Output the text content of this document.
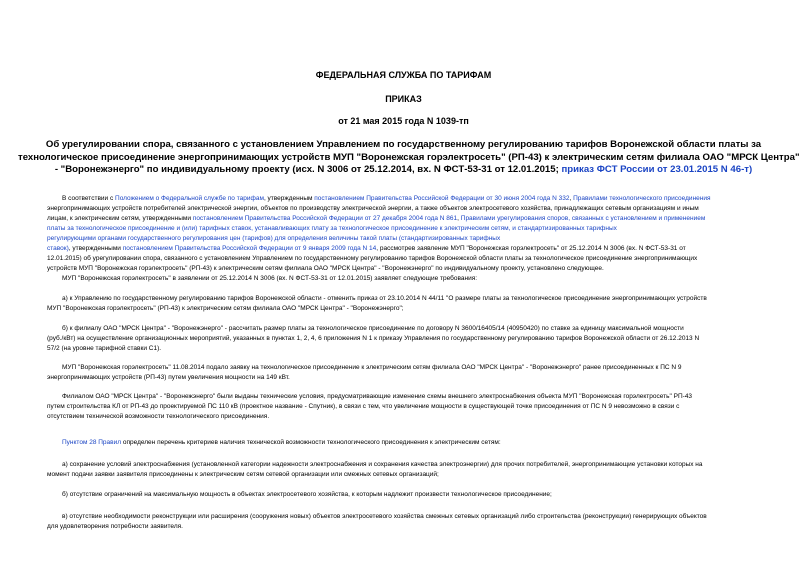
ФЕДЕРАЛЬНАЯ СЛУЖБА ПО ТАРИФАМ
ПРИКАЗ
от 21 мая 2015 года N 1039-тп
Об урегулировании спора, связанного с установлением Управлением по государственному регулированию тарифов Воронежской области платы за
технологическое присоединение энергопринимающих устройств МУП "Воронежская горэлектросеть" (РП-43) к электрическим сетям филиала ОАО "МРСК Центра"
- "Воронежэнерго" по индивидуальному проекту (исх. N 3006 от 25.12.2014, вх. N ФСТ-53-31 от 12.01.2015; приказ ФСТ России от 23.01.2015 N 46-т)
В соответствии с Положением о Федеральной службе по тарифам, утвержденным постановлением Правительства Российской Федерации от 30 июня 2004 года N 332, Правилами технологического присоединения
энергопринимающих устройств потребителей электрической энергии, объектов по производству электрической энергии, а также объектов электросетевого хозяйства, принадлежащих сетевым организациям и иным
лицам, к электрическим сетям, утвержденными постановлением Правительства Российской Федерации от 27 декабря 2004 года N 861, Правилами урегулирования споров, связанных с установлением и применением
платы за технологическое присоединение и (или) тарифных ставок, устанавливающих плату за технологическое присоединение к электрическим сетям, и стандартизированных тарифных
регулирующими органами государственного регулирования цен (тарифов) для определения величины такой платы (стандартизированных тарифных
ставок), утвержденными постановлением Правительства Российской Федерации от 9 января 2009 года N 14, рассмотрев заявление МУП "Воронежская горэлектросеть" от 25.12.2014 N 3006 (вх. N ФСТ-53-31 от
12.01.2015) об урегулировании спора, связанного с установлением Управлением по государственному регулированию тарифов Воронежской области платы за технологическое присоединение энергопринимающих
устройств МУП "Воронежская горэлектросеть" (РП-43) к электрическим сетям филиала ОАО "МРСК Центра" - "Воронежэнерго" по индивидуальному проекту, установлено следующее.
МУП "Воронежская горэлектросеть" в заявлении от 25.12.2014 N 3006 (вх. N ФСТ-53-31 от 12.01.2015) заявляет следующие требования:
а) к Управлению по государственному регулированию тарифов Воронежской области - отменить приказ от 23.10.2014 N 44/11 "О размере платы за технологическое присоединение энергопринимающих устройств
МУП "Воронежская горэлектросеть" (РП-43) к электрическим сетям филиала ОАО "МРСК Центра" - "Воронежэнерго";
б) к филиалу ОАО "МРСК Центра" - "Воронежэнерго" - рассчитать размер платы за технологическое присоединение по договору N 3600/16405/14 (40950420) по ставке за единицу максимальной мощности
(руб./кВт) на осуществление организационных мероприятий, указанных в пунктах 1, 2, 4, 6 приложения N 1 к приказу Управления по государственному регулированию тарифов Воронежской области от 26.12.2013 N
57/2 (на уровне тарифной ставки С1).
МУП "Воронежская горэлектросеть" 11.08.2014 подало заявку на технологическое присоединение к электрическим сетям филиала ОАО "МРСК Центра" - "Воронежэнерго" ранее присоединенных к ПС N 9
энергопринимающих устройств (РП-43) путем увеличения мощности на 149 кВт.
Филиалом ОАО "МРСК Центра" - "Воронежэнерго" были выданы технические условия, предусматривающие изменение схемы внешнего электроснабжения объекта МУП "Воронежская горэлектросеть" РП-43
путем строительства КЛ от РП-43 до проектируемой ПС 110 кВ (проектное название - Спутник), в связи с тем, что увеличение мощности в существующей точке присоединения от ПС N 9 невозможно в связи с
отсутствием технической возможности технологического присоединения.
Пунктом 28 Правил определен перечень критериев наличия технической возможности технологического присоединения к электрическим сетям:
а) сохранение условий электроснабжения (установленной категории надежности электроснабжения и сохранения качества электроэнергии) для прочих потребителей, энергопринимающие установки которых на
момент подачи заявки заявителя присоединены к электрическим сетям сетевой организации или смежных сетевых организаций;
б) отсутствие ограничений на максимальную мощность в объектах электросетевого хозяйства, к которым надлежит произвести технологическое присоединение;
в) отсутствие необходимости реконструкции или расширения (сооружения новых) объектов электросетевого хозяйства смежных сетевых организаций либо строительства (реконструкции) генерирующих объектов
для удовлетворения потребности заявителя.
